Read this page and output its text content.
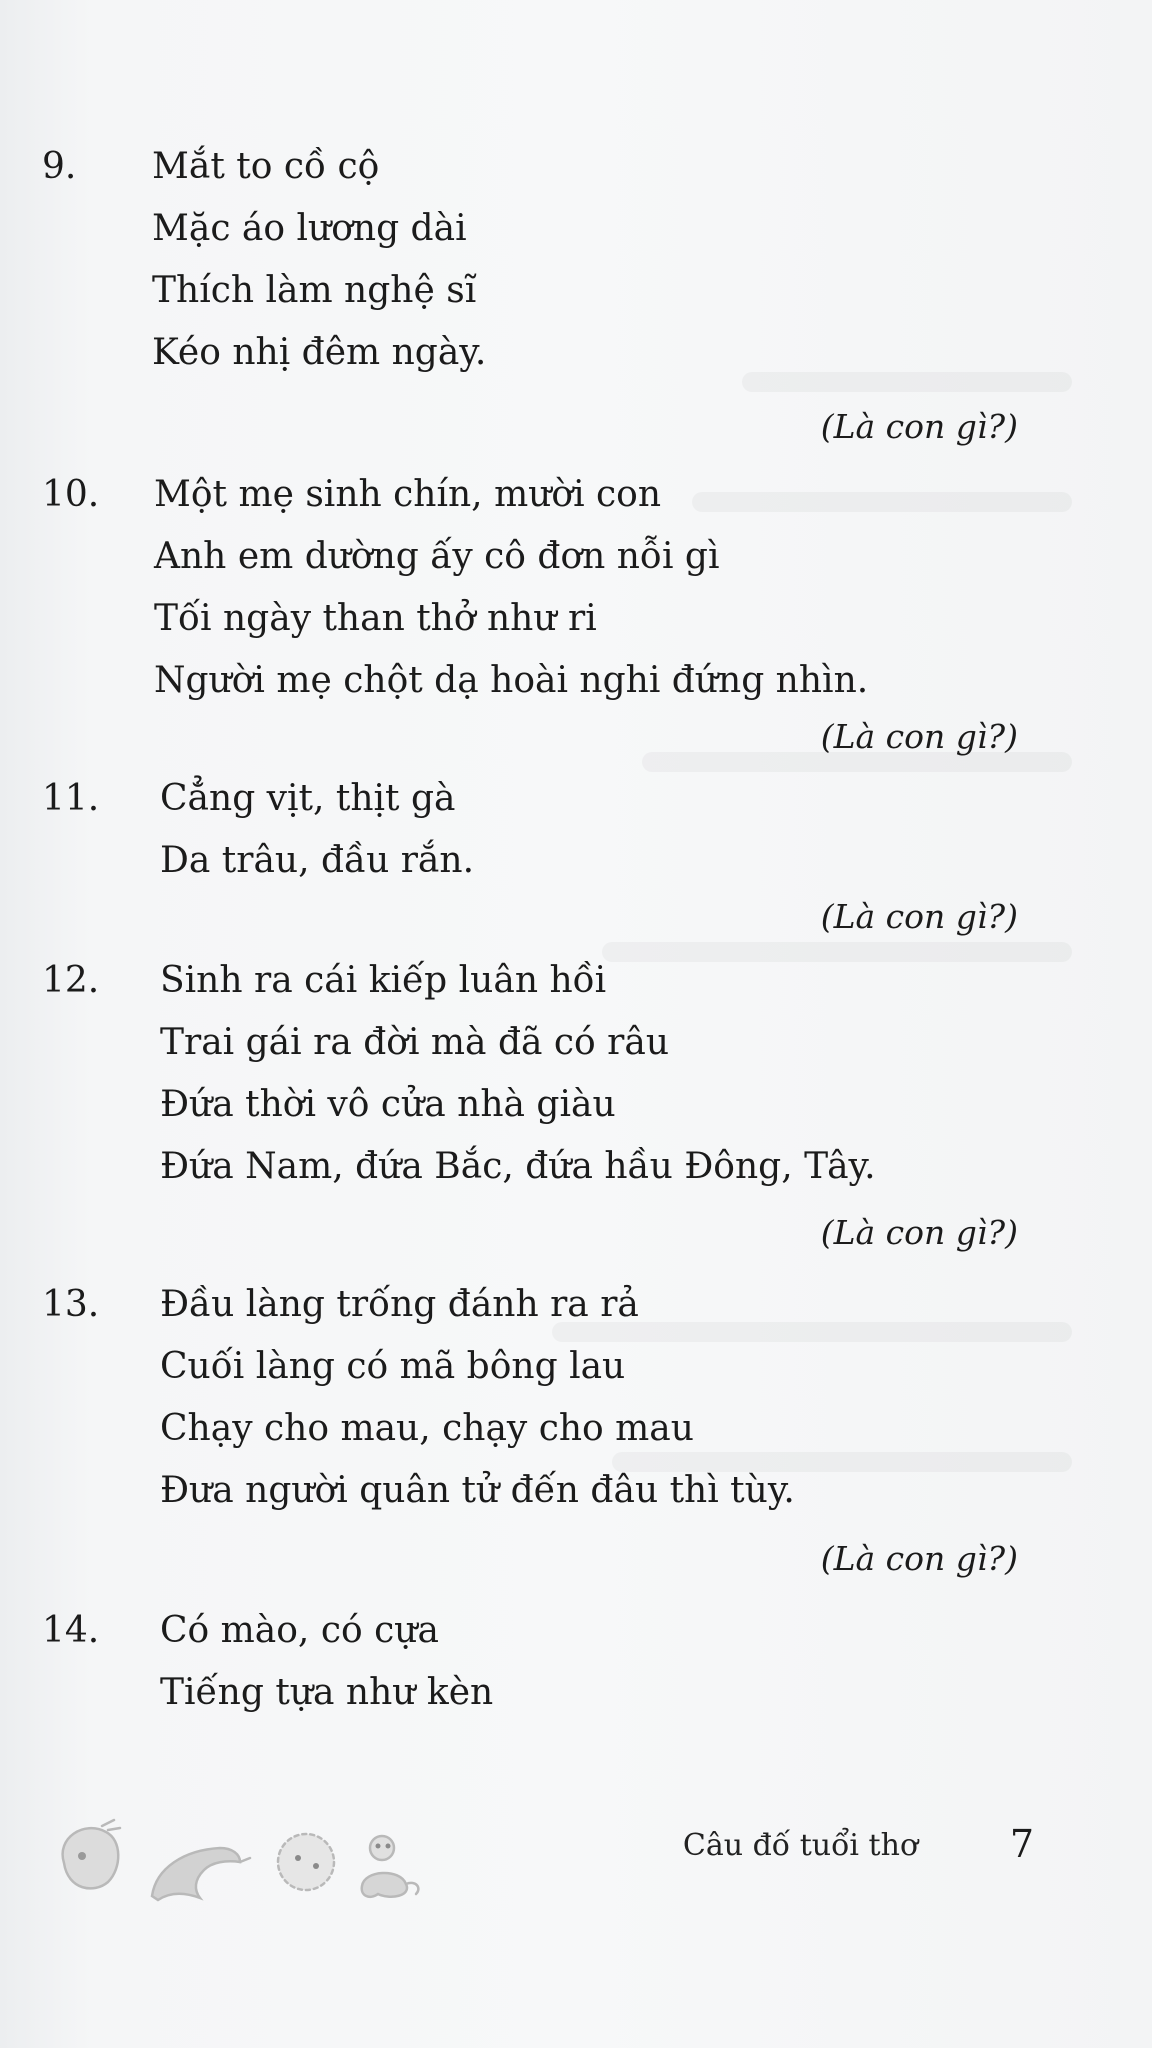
9. Mắt to cồ cộ
Mặc áo lương dài
Thích làm nghệ sĩ
Kéo nhị đêm ngày.
(Là con gì?)
10. Một mẹ sinh chín, mười con
Anh em dường ấy cô đơn nỗi gì
Tối ngày than thở như ri
Người mẹ chột dạ hoài nghi đứng nhìn.
(Là con gì?)
11. Cẳng vịt, thịt gà
Da trâu, đầu rắn.
(Là con gì?)
12. Sinh ra cái kiếp luân hồi
Trai gái ra đời mà đã có râu
Đứa thời vô cửa nhà giàu
Đứa Nam, đứa Bắc, đứa hầu Đông, Tây.
(Là con gì?)
13. Đầu làng trống đánh ra rả
Cuối làng có mã bông lau
Chạy cho mau, chạy cho mau
Đưa người quân tử đến đâu thì tùy.
(Là con gì?)
14. Có mào, có cựa
Tiếng tựa như kèn
Câu đố tuổi thơ 7
